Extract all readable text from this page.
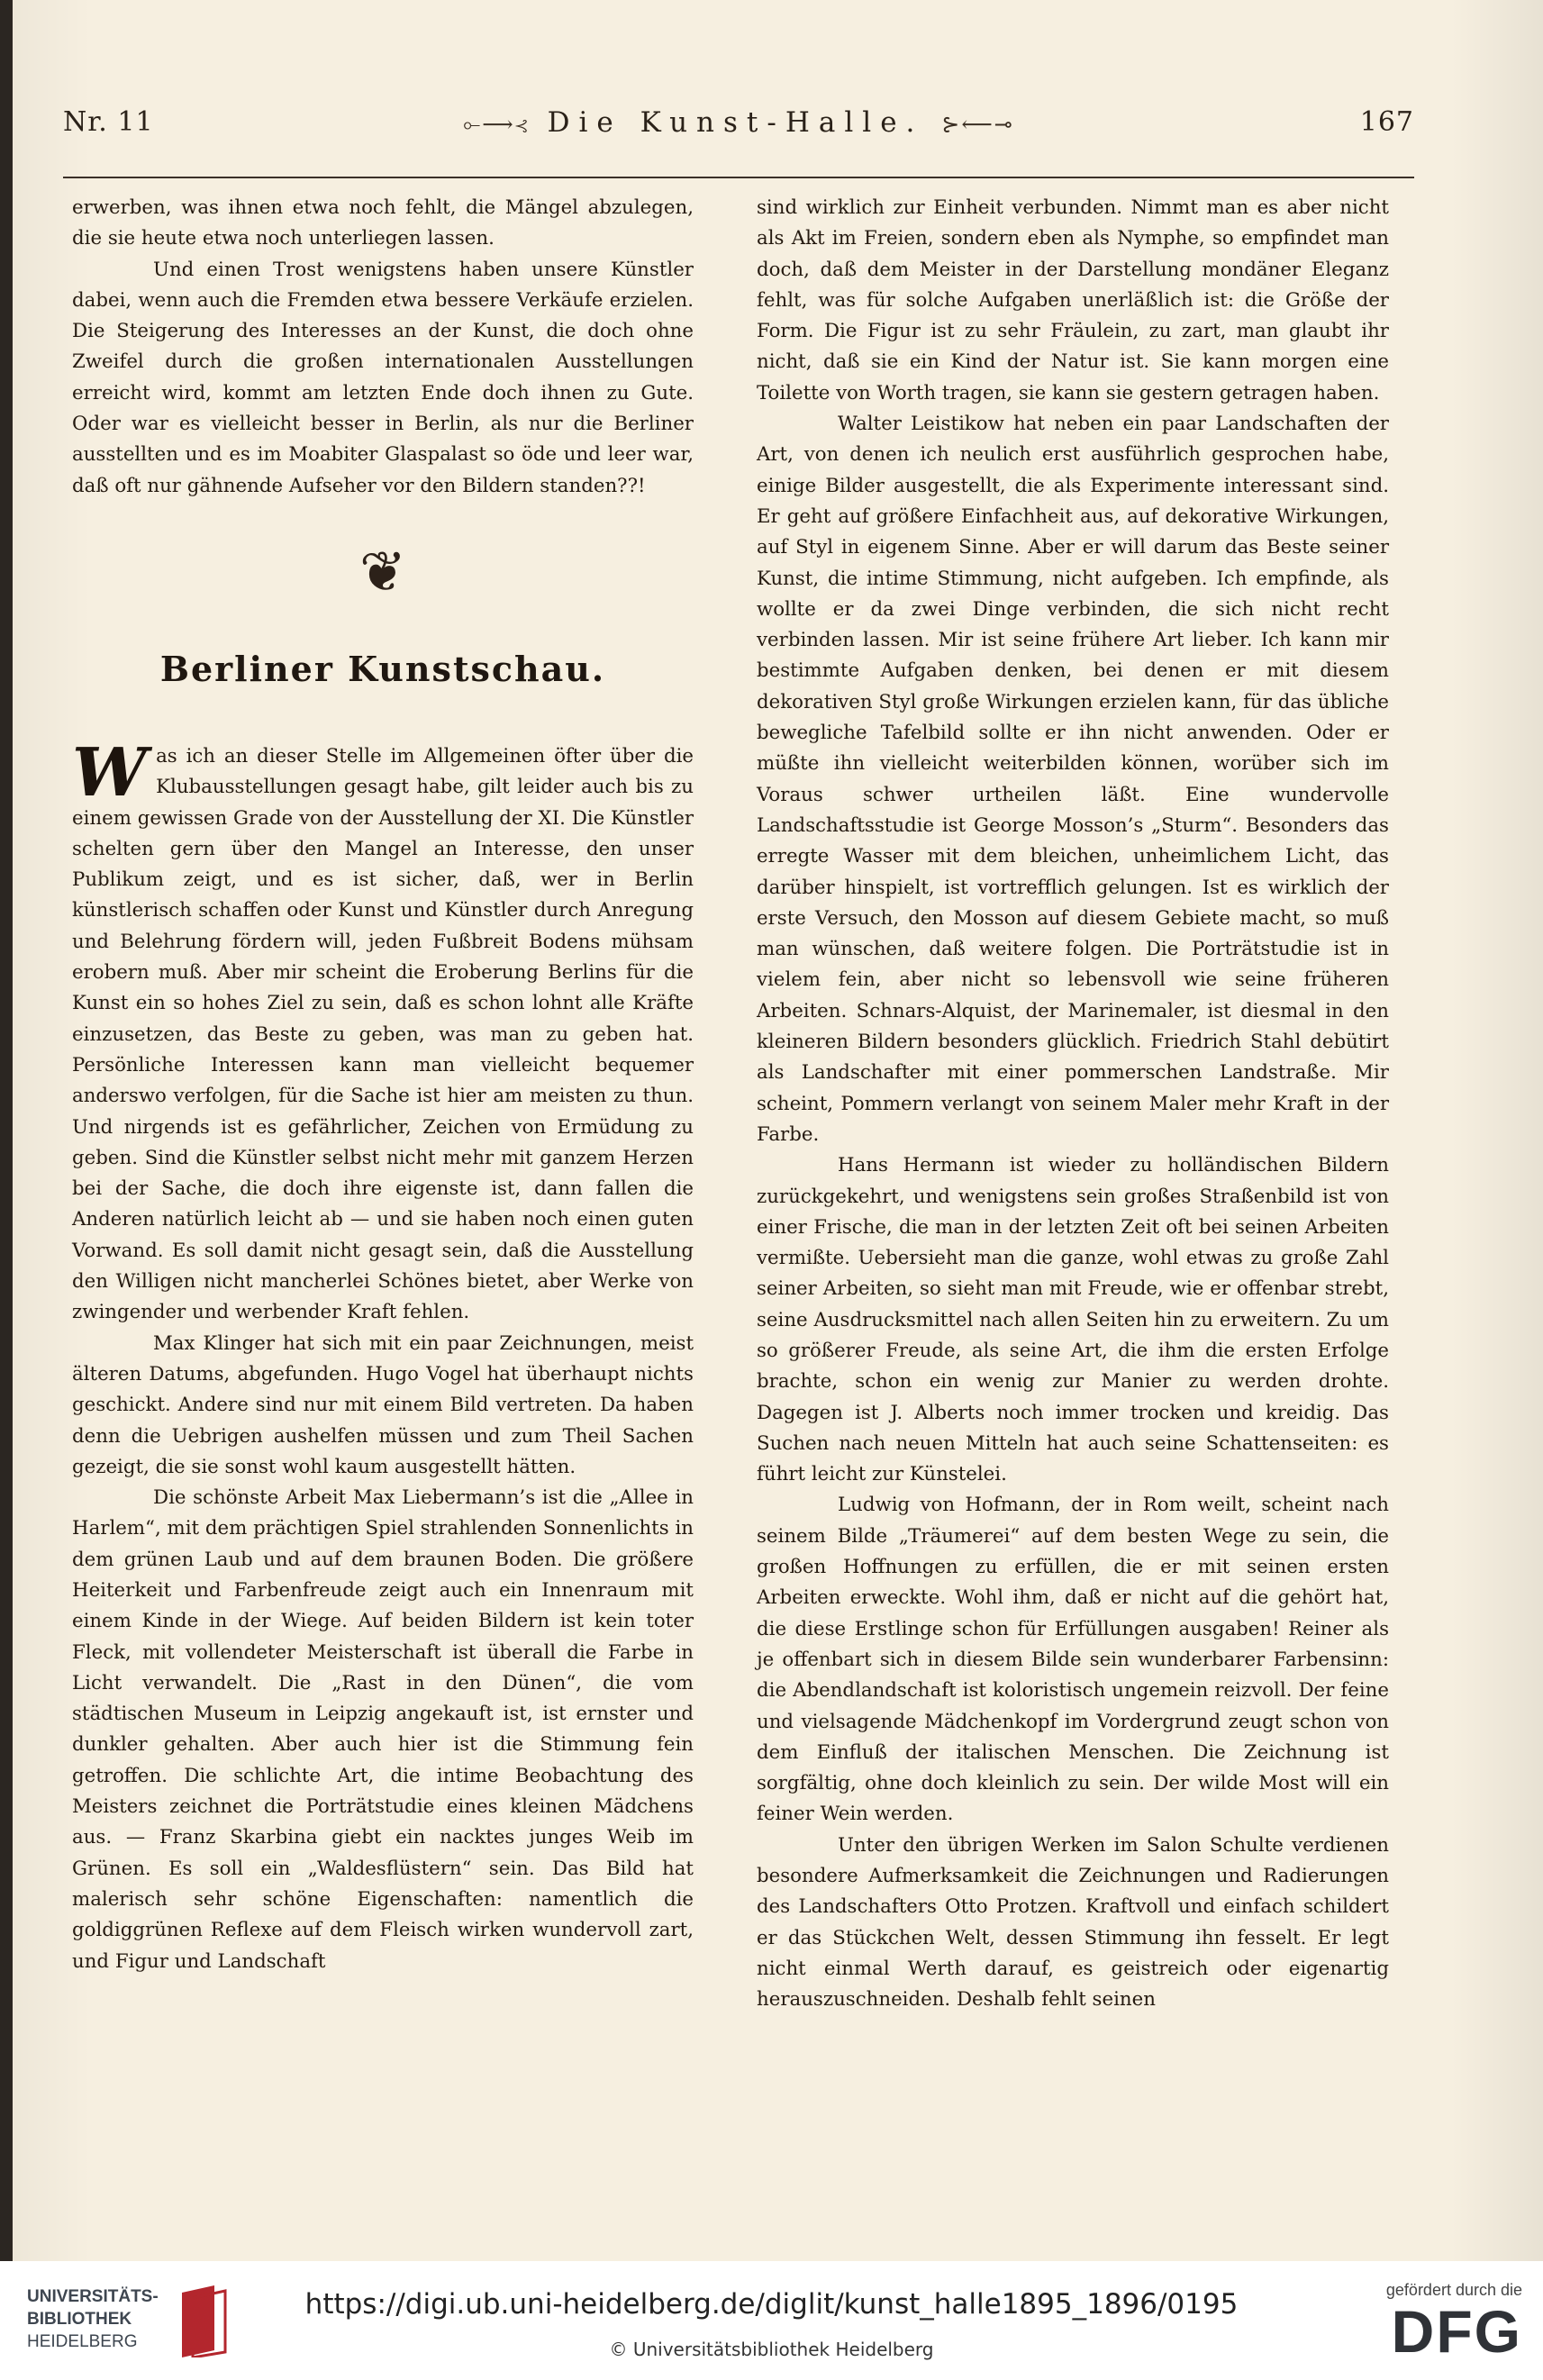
Nr. 11	⟜⟶⊰ Die Kunst-Halle. ⊱⟵⊸	167

erwerben, was ihnen etwa noch fehlt, die Mängel abzulegen, die sie heute etwa noch unterliegen lassen.

Und einen Trost wenigstens haben unsere Künstler dabei, wenn auch die Fremden etwa bessere Verkäufe erzielen. Die Steigerung des Interesses an der Kunst, die doch ohne Zweifel durch die großen internationalen Ausstellungen erreicht wird, kommt am letzten Ende doch ihnen zu Gute. Oder war es vielleicht besser in Berlin, als nur die Berliner ausstellten und es im Moabiter Glaspalast so öde und leer war, daß oft nur gähnende Aufseher vor den Bildern standen??!

❦
Berliner Kunstschau.

Was ich an dieser Stelle im Allgemeinen öfter über die Klubausstellungen gesagt habe, gilt leider auch bis zu einem gewissen Grade von der Ausstellung der XI. Die Künstler schelten gern über den Mangel an Interesse, den unser Publikum zeigt, und es ist sicher, daß, wer in Berlin künstlerisch schaffen oder Kunst und Künstler durch Anregung und Belehrung fördern will, jeden Fußbreit Bodens mühsam erobern muß. Aber mir scheint die Eroberung Berlins für die Kunst ein so hohes Ziel zu sein, daß es schon lohnt alle Kräfte einzusetzen, das Beste zu geben, was man zu geben hat. Persönliche Interessen kann man vielleicht bequemer anderswo verfolgen, für die Sache ist hier am meisten zu thun. Und nirgends ist es gefährlicher, Zeichen von Ermüdung zu geben. Sind die Künstler selbst nicht mehr mit ganzem Herzen bei der Sache, die doch ihre eigenste ist, dann fallen die Anderen natürlich leicht ab — und sie haben noch einen guten Vorwand. Es soll damit nicht gesagt sein, daß die Ausstellung den Willigen nicht mancherlei Schönes bietet, aber Werke von zwingender und werbender Kraft fehlen.

Max Klinger hat sich mit ein paar Zeichnungen, meist älteren Datums, abgefunden. Hugo Vogel hat überhaupt nichts geschickt. Andere sind nur mit einem Bild vertreten. Da haben denn die Uebrigen aushelfen müssen und zum Theil Sachen gezeigt, die sie sonst wohl kaum ausgestellt hätten.

Die schönste Arbeit Max Liebermann’s ist die „Allee in Harlem“, mit dem prächtigen Spiel strahlenden Sonnenlichts in dem grünen Laub und auf dem braunen Boden. Die größere Heiterkeit und Farbenfreude zeigt auch ein Innenraum mit einem Kinde in der Wiege. Auf beiden Bildern ist kein toter Fleck, mit vollendeter Meisterschaft ist überall die Farbe in Licht verwandelt. Die „Rast in den Dünen“, die vom städtischen Museum in Leipzig angekauft ist, ist ernster und dunkler gehalten. Aber auch hier ist die Stimmung fein getroffen. Die schlichte Art, die intime Beobachtung des Meisters zeichnet die Porträtstudie eines kleinen Mädchens aus. — Franz Skarbina giebt ein nacktes junges Weib im Grünen. Es soll ein „Waldesflüstern“ sein. Das Bild hat malerisch sehr schöne Eigenschaften: namentlich die goldiggrünen Reflexe auf dem Fleisch wirken wundervoll zart, und Figur und Landschaft

sind wirklich zur Einheit verbunden. Nimmt man es aber nicht als Akt im Freien, sondern eben als Nymphe, so empfindet man doch, daß dem Meister in der Darstellung mondäner Eleganz fehlt, was für solche Aufgaben unerläßlich ist: die Größe der Form. Die Figur ist zu sehr Fräulein, zu zart, man glaubt ihr nicht, daß sie ein Kind der Natur ist. Sie kann morgen eine Toilette von Worth tragen, sie kann sie gestern getragen haben.

Walter Leistikow hat neben ein paar Landschaften der Art, von denen ich neulich erst ausführlich gesprochen habe, einige Bilder ausgestellt, die als Experimente interessant sind. Er geht auf größere Einfachheit aus, auf dekorative Wirkungen, auf Styl in eigenem Sinne. Aber er will darum das Beste seiner Kunst, die intime Stimmung, nicht aufgeben. Ich empfinde, als wollte er da zwei Dinge verbinden, die sich nicht recht verbinden lassen. Mir ist seine frühere Art lieber. Ich kann mir bestimmte Aufgaben denken, bei denen er mit diesem dekorativen Styl große Wirkungen erzielen kann, für das übliche bewegliche Tafelbild sollte er ihn nicht anwenden. Oder er müßte ihn vielleicht weiterbilden können, worüber sich im Voraus schwer urtheilen läßt. Eine wundervolle Landschaftsstudie ist George Mosson’s „Sturm“. Besonders das erregte Wasser mit dem bleichen, unheimlichem Licht, das darüber hinspielt, ist vortrefflich gelungen. Ist es wirklich der erste Versuch, den Mosson auf diesem Gebiete macht, so muß man wünschen, daß weitere folgen. Die Porträtstudie ist in vielem fein, aber nicht so lebensvoll wie seine früheren Arbeiten. Schnars-Alquist, der Marinemaler, ist diesmal in den kleineren Bildern besonders glücklich. Friedrich Stahl debütirt als Landschafter mit einer pommerschen Landstraße. Mir scheint, Pommern verlangt von seinem Maler mehr Kraft in der Farbe.

Hans Hermann ist wieder zu holländischen Bildern zurückgekehrt, und wenigstens sein großes Straßenbild ist von einer Frische, die man in der letzten Zeit oft bei seinen Arbeiten vermißte. Uebersieht man die ganze, wohl etwas zu große Zahl seiner Arbeiten, so sieht man mit Freude, wie er offenbar strebt, seine Ausdrucksmittel nach allen Seiten hin zu erweitern. Zu um so größerer Freude, als seine Art, die ihm die ersten Erfolge brachte, schon ein wenig zur Manier zu werden drohte. Dagegen ist J. Alberts noch immer trocken und kreidig. Das Suchen nach neuen Mitteln hat auch seine Schattenseiten: es führt leicht zur Künstelei.

Ludwig von Hofmann, der in Rom weilt, scheint nach seinem Bilde „Träumerei“ auf dem besten Wege zu sein, die großen Hoffnungen zu erfüllen, die er mit seinen ersten Arbeiten erweckte. Wohl ihm, daß er nicht auf die gehört hat, die diese Erstlinge schon für Erfüllungen ausgaben! Reiner als je offenbart sich in diesem Bilde sein wunderbarer Farbensinn: die Abendlandschaft ist koloristisch ungemein reizvoll. Der feine und vielsagende Mädchenkopf im Vordergrund zeugt schon von dem Einfluß der italischen Menschen. Die Zeichnung ist sorgfältig, ohne doch kleinlich zu sein. Der wilde Most will ein feiner Wein werden.

Unter den übrigen Werken im Salon Schulte verdienen besondere Aufmerksamkeit die Zeichnungen und Radierungen des Landschafters Otto Protzen. Kraftvoll und einfach schildert er das Stückchen Welt, dessen Stimmung ihn fesselt. Er legt nicht einmal Werth darauf, es geistreich oder eigenartig herauszuschneiden. Deshalb fehlt seinen

UNIVERSITÄTS-
BIBLIOTHEK
HEIDELBERG
https://digi.ub.uni-heidelberg.de/diglit/kunst_halle1895_1896/0195
© Universitätsbibliothek Heidelberg
gefördert durch die
DFG
